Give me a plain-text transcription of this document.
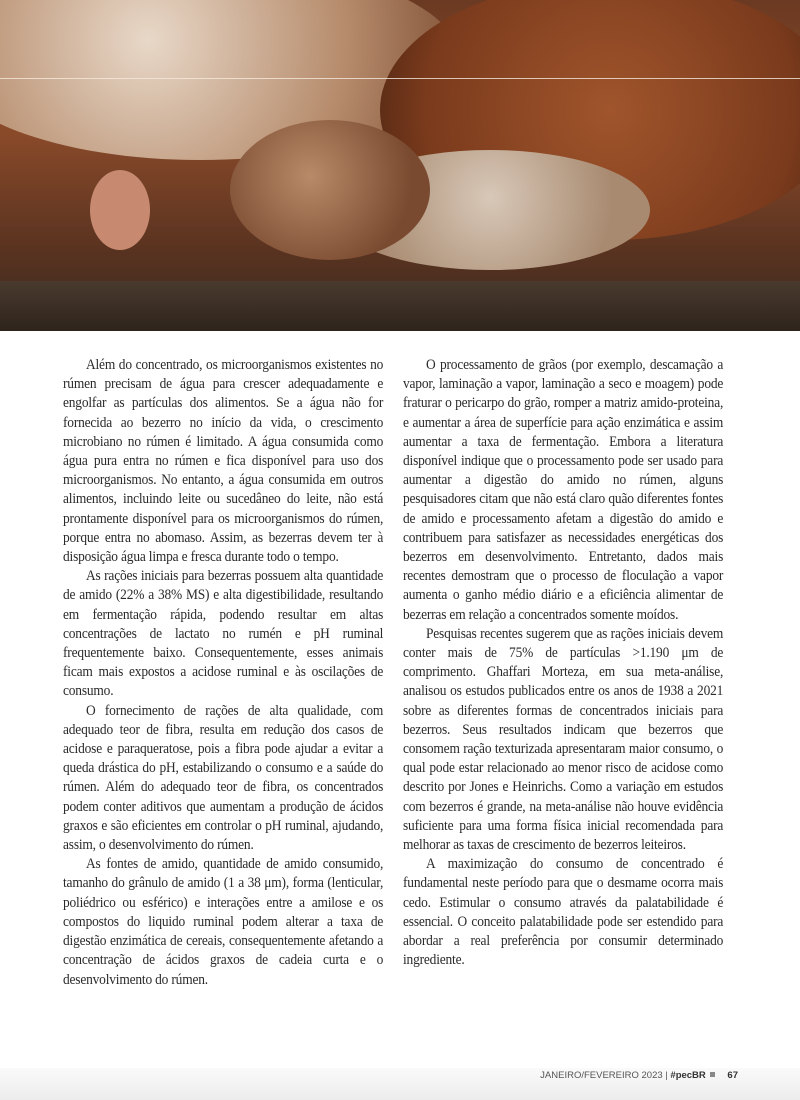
Além do concentrado, os microorganismos existentes no rúmen precisam de água para crescer adequadamente e engolfar as partículas dos alimentos. Se a água não for fornecida ao bezerro no início da vida, o crescimento microbiano no rúmen é limitado. A água consumida como água pura entra no rúmen e fica disponível para uso dos microorganismos. No entanto, a água consumida em outros alimentos, incluindo leite ou sucedâneo do leite, não está prontamente disponível para os microorganismos do rúmen, porque entra no abomaso. Assim, as bezerras devem ter à disposição água limpa e fresca durante todo o tempo.

As rações iniciais para bezerras possuem alta quantidade de amido (22% a 38% MS) e alta digestibilidade, resultando em fermentação rápida, podendo resultar em altas concentrações de lactato no rumén e pH ruminal frequentemente baixo. Consequentemente, esses animais ficam mais expostos a acidose ruminal e às oscilações de consumo.

O fornecimento de rações de alta qualidade, com adequado teor de fibra, resulta em redução dos casos de acidose e paraqueratose, pois a fibra pode ajudar a evitar a queda drástica do pH, estabilizando o consumo e a saúde do rúmen. Além do adequado teor de fibra, os concentrados podem conter aditivos que aumentam a produção de ácidos graxos e são eficientes em controlar o pH ruminal, ajudando, assim, o desenvolvimento do rúmen.

As fontes de amido, quantidade de amido consumido, tamanho do grânulo de amido (1 a 38 μm), forma (lenticular, poliédrico ou esférico) e interações entre a amilose e os compostos do liquido ruminal podem alterar a taxa de digestão enzimática de cereais, consequentemente afetando a concentração de ácidos graxos de cadeia curta e o desenvolvimento do rúmen.

O processamento de grãos (por exemplo, descamação a vapor, laminação a vapor, laminação a seco e moagem) pode fraturar o pericarpo do grão, romper a matriz amido-proteina, e aumentar a área de superfície para ação enzimática e assim aumentar a taxa de fermentação. Embora a literatura disponível indique que o processamento pode ser usado para aumentar a digestão do amido no rúmen, alguns pesquisadores citam que não está claro quão diferentes fontes de amido e processamento afetam a digestão do amido e contribuem para satisfazer as necessidades energéticas dos bezerros em desenvolvimento. Entretanto, dados mais recentes demostram que o processo de floculação a vapor aumenta o ganho médio diário e a eficiência alimentar de bezerras em relação a concentrados somente moídos.

Pesquisas recentes sugerem que as rações iniciais devem conter mais de 75% de partículas >1.190 μm de comprimento. Ghaffari Morteza, em sua meta-análise, analisou os estudos publicados entre os anos de 1938 a 2021 sobre as diferentes formas de concentrados iniciais para bezerros. Seus resultados indicam que bezerros que consomem ração texturizada apresentaram maior consumo, o qual pode estar relacionado ao menor risco de acidose como descrito por Jones e Heinrichs. Como a variação em estudos com bezerros é grande, na meta-análise não houve evidência suficiente para uma forma física inicial recomendada para melhorar as taxas de crescimento de bezerros leiteiros.

A maximização do consumo de concentrado é fundamental neste período para que o desmame ocorra mais cedo. Estimular o consumo através da palatabilidade é essencial. O conceito palatabilidade pode ser estendido para abordar a real preferência por consumir determinado ingrediente.

JANEIRO/FEVEREIRO 2023 | #pecBR 67
